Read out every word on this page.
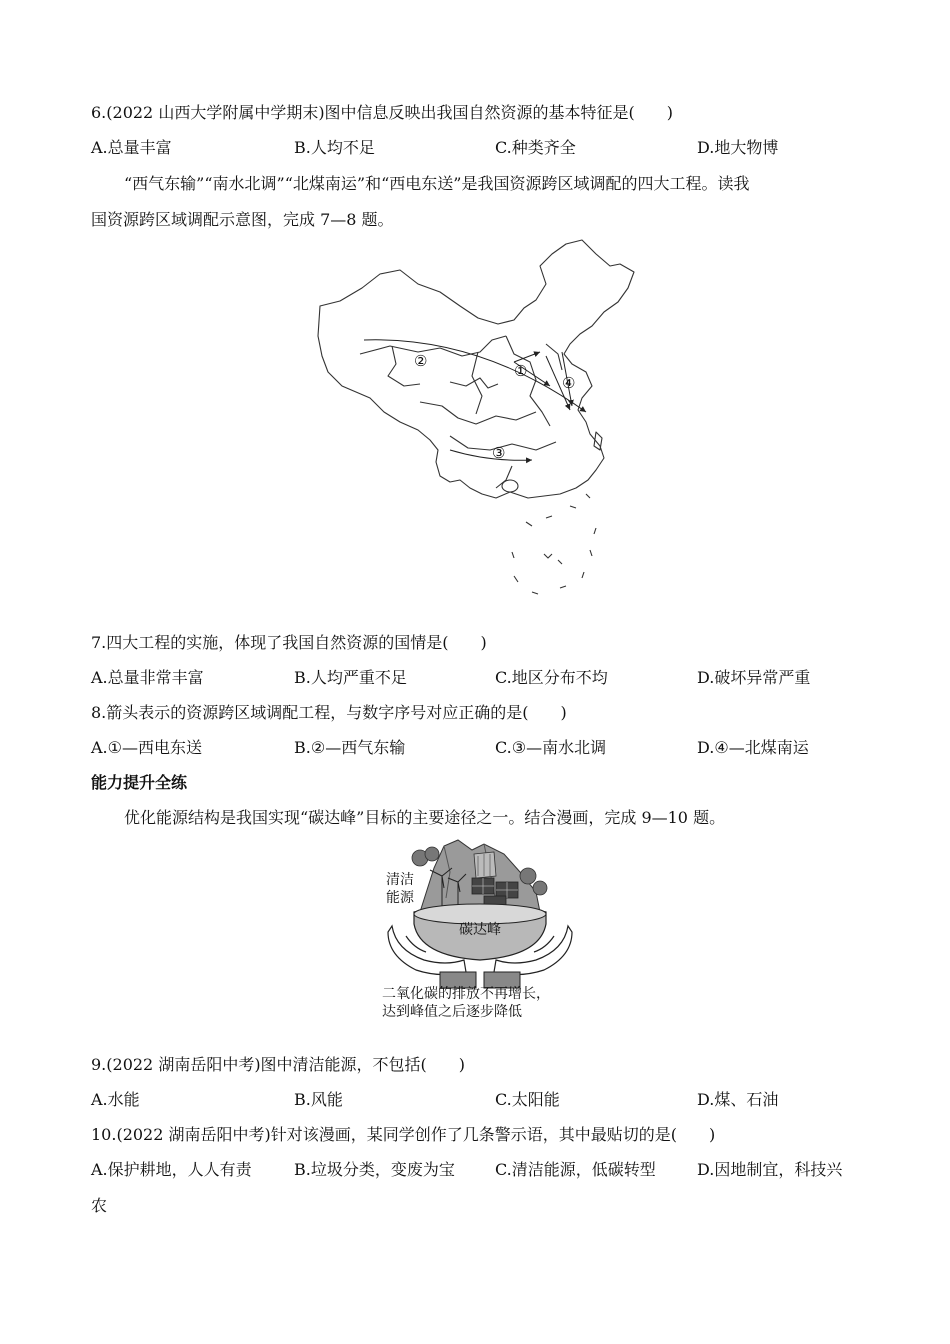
6.(2022 山西大学附属中学期末)图中信息反映出我国自然资源的基本特征是(　　)
A.总量丰富	B.人均不足	C.种类齐全	D.地大物博
“西气东输”“南水北调”“北煤南运”和“西电东送”是我国资源跨区域调配的四大工程。读我
国资源跨区域调配示意图，完成 7—8 题。
②
①
④
③
7.四大工程的实施，体现了我国自然资源的国情是(　　)
A.总量非常丰富	B.人均严重不足	C.地区分布不均	D.破坏异常严重
8.箭头表示的资源跨区域调配工程，与数字序号对应正确的是(　　)
A.①—西电东送	B.②—西气东输	C.③—南水北调	D.④—北煤南运
能力提升全练
优化能源结构是我国实现“碳达峰”目标的主要途径之一。结合漫画，完成 9—10 题。
碳达峰
清洁
能源
二氧化碳的排放不再增长，
达到峰值之后逐步降低
9.(2022 湖南岳阳中考)图中清洁能源，不包括(　　)
A.水能	B.风能	C.太阳能	D.煤、石油
10.(2022 湖南岳阳中考)针对该漫画，某同学创作了几条警示语，其中最贴切的是(　　)
A.保护耕地，人人有责	B.垃圾分类，变废为宝	C.清洁能源，低碳转型	D.因地制宜，科技兴
农
